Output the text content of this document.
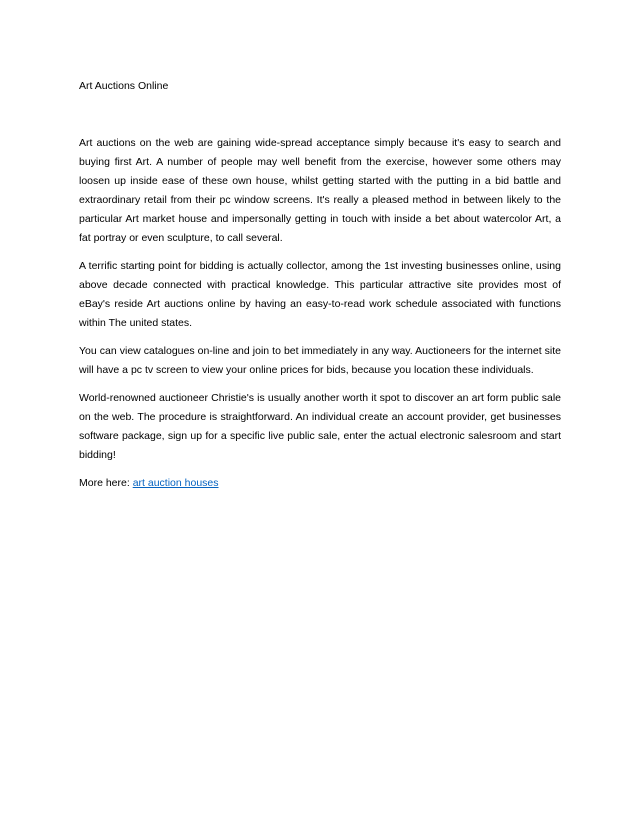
Art Auctions Online

Art auctions on the web are gaining wide-spread acceptance simply because it's easy to search and buying first Art. A number of people may well benefit from the exercise, however some others may loosen up inside ease of these own house, whilst getting started with the putting in a bid battle and extraordinary retail from their pc window screens. It's really a pleased method in between likely to the particular Art market house and impersonally getting in touch with inside a bet about watercolor Art, a fat portray or even sculpture, to call several.

A terrific starting point for bidding is actually collector, among the 1st investing businesses online, using above decade connected with practical knowledge. This particular attractive site provides most of eBay's reside Art auctions online by having an easy-to-read work schedule associated with functions within The united states.

You can view catalogues on-line and join to bet immediately in any way. Auctioneers for the internet site will have a pc tv screen to view your online prices for bids, because you location these individuals.

World-renowned auctioneer Christie's is usually another worth it spot to discover an art form public sale on the web. The procedure is straightforward. An individual create an account provider, get businesses software package, sign up for a specific live public sale, enter the actual electronic salesroom and start bidding!

More here: art auction houses
